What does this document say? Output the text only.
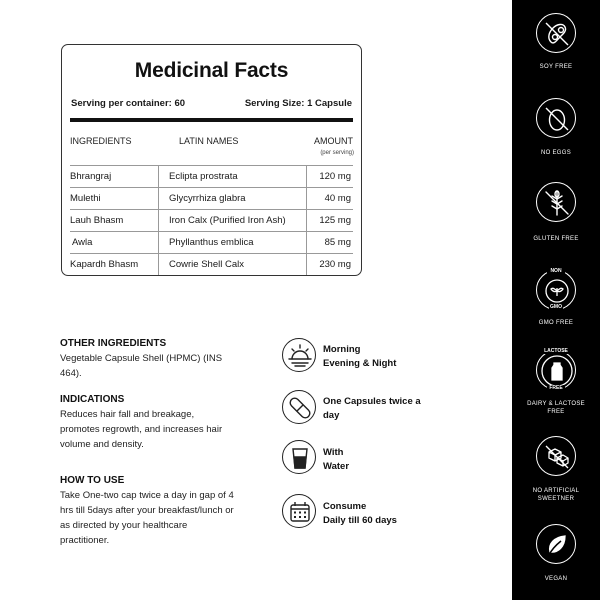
Medicinal Facts
Serving per container: 60	Serving Size: 1 Capsule
INGREDIENTS	LATIN NAMES	AMOUNT
(per serving)
Bhrangraj	Eclipta prostrata	120 mg
Mulethi	Glycyrrhiza glabra	40 mg
Lauh Bhasm	Iron Calx (Purified Iron Ash)	125 mg
Awla	Phyllanthus emblica	85 mg
Kapardh Bhasm	Cowrie Shell Calx	230 mg
OTHER INGREDIENTS
Vegetable Capsule Shell (HPMC) (INS 464).
INDICATIONS
Reduces hair fall and breakage, promotes regrowth, and increases hair volume and density.
HOW TO USE
Take One-two cap twice a day in gap of 4 hrs till 5days after your breakfast/lunch or as directed by your healthcare practitioner.
Morning
Evening & Night
One Capsules twice a
day
With
Water
Consume
Daily till 60 days
SOY FREE
NO EGGS
GLUTEN FREE
NON
GMO
GMO FREE
LACTOSE
FREE
DAIRY & LACTOSE
FREE
NO ARTIFICIAL
SWEETNER
VEGAN
